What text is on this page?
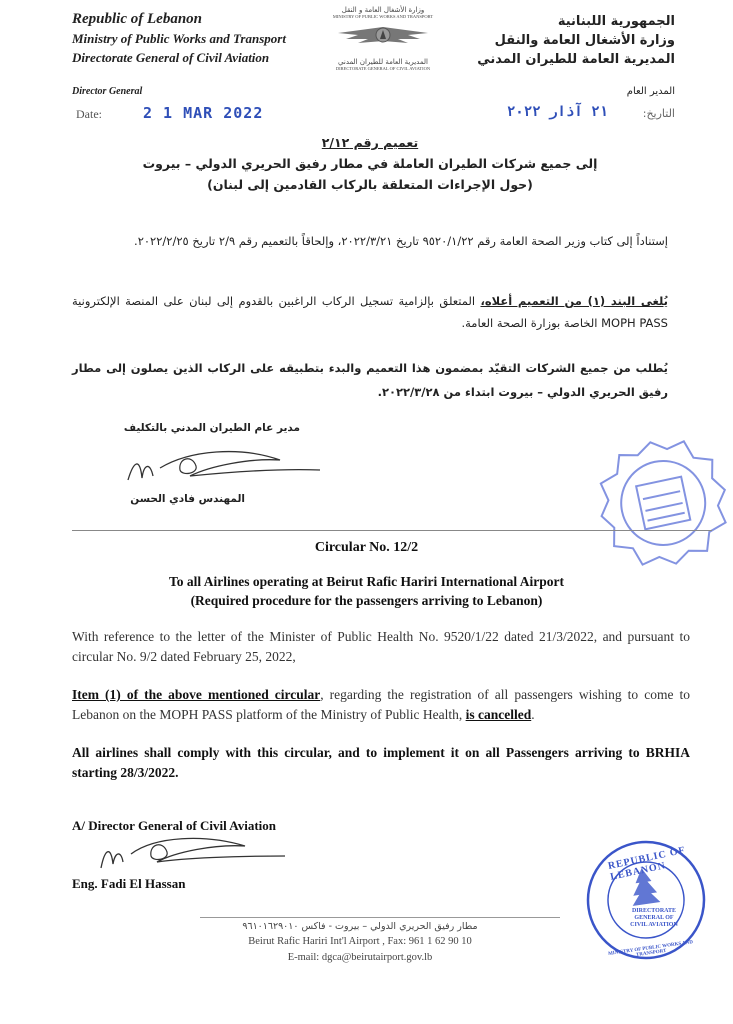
Republic of Lebanon
Ministry of Public Works and Transport
Directorate General of Civil Aviation
الجمهورية اللبنانية
وزارة الأشغال العامة والنقل
المديرية العامة للطيران المدني
وزارة الأشغال العامة و النقل
MINISTRY OF PUBLIC WORKS AND TRANSPORT
المديرية العامة للطيران المدني
DIRECTORATE GENERAL OF CIVIL AVIATION
Director General	المدير العام
Date:	2 1 MAR 2022	التاريخ:
٢١ آذار ٢٠٢٢
تعميم رقم ٢/١٢
إلى جميع شركات الطيران العاملة في مطار رفيق الحريري الدولي – بيروت
(حول الإجراءات المتعلقة بالركاب القادمين إلى لبنان)
إستناداً إلى كتاب وزير الصحة العامة رقم ٩٥٢٠/١/٢٢ تاريخ ٢٠٢٢/٣/٢١، وإلحاقاً بالتعميم رقم ٢/٩ تاريخ ٢٠٢٢/٢/٢٥.
يُلغى البند (١) من التعميم أعلاه، المتعلق بإلزامية تسجيل الركاب الراغبين بالقدوم إلى لبنان على المنصة الإلكترونية MOPH PASS الخاصة بوزارة الصحة العامة.
يُطلب من جميع الشركات التقيّد بمضمون هذا التعميم والبدء بتطبيقه على الركاب الذين يصلون إلى مطار رفيق الحريري الدولي – بيروت ابتداء من ٢٠٢٢/٣/٢٨.
مدير عام الطيران المدني بالتكليف
المهندس فادي الحسن
Circular No. 12/2
To all Airlines operating at Beirut Rafic Hariri International Airport
(Required procedure for the passengers arriving to Lebanon)
With reference to the letter of the Minister of Public Health No. 9520/1/22 dated 21/3/2022, and pursuant to circular No. 9/2 dated February 25, 2022,
Item (1) of the above mentioned circular, regarding the registration of all passengers wishing to come to Lebanon on the MOPH PASS platform of the Ministry of Public Health, is cancelled.
All airlines shall comply with this circular, and to implement it on all Passengers arriving to BRHIA starting 28/3/2022.
A/ Director General of Civil Aviation
Eng. Fadi El Hassan
REPUBLIC OF LEBANON
DIRECTORATE
GENERAL OF
CIVIL AVIATION
MINISTRY OF PUBLIC WORKS AND TRANSPORT
مطار رفيق الحريري الدولي – بيروت - فاكس ٩٦١٠١٦٢٩٠١٠
Beirut Rafic Hariri Int'l Airport , Fax: 961 1 62 90 10
E-mail: dgca@beirutairport.gov.lb
